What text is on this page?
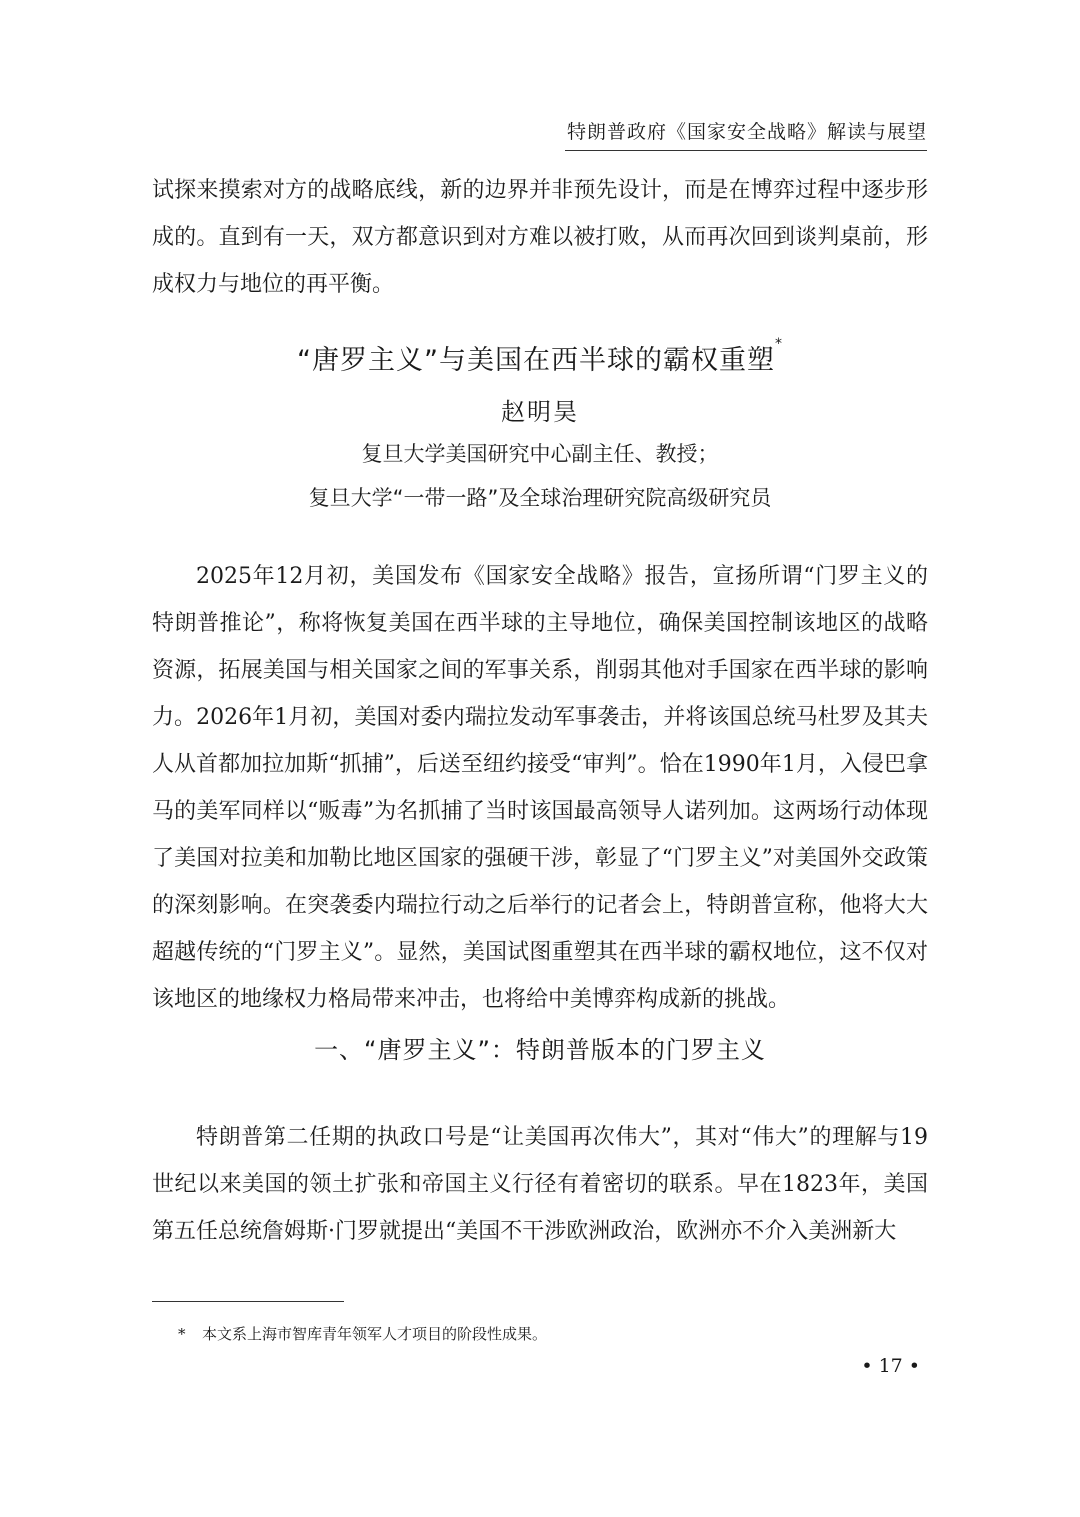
特朗普政府《国家安全战略》解读与展望

试探来摸索对方的战略底线，新的边界并非预先设计，而是在博弈过程中逐步形成的。直到有一天，双方都意识到对方难以被打败，从而再次回到谈判桌前，形成权力与地位的再平衡。

“唐罗主义”与美国在西半球的霸权重塑*
赵明昊
复旦大学美国研究中心副主任、教授；
复旦大学“一带一路”及全球治理研究院高级研究员

2025年12月初，美国发布《国家安全战略》报告，宣扬所谓“门罗主义的特朗普推论”，称将恢复美国在西半球的主导地位，确保美国控制该地区的战略资源，拓展美国与相关国家之间的军事关系，削弱其他对手国家在西半球的影响力。2026年1月初，美国对委内瑞拉发动军事袭击，并将该国总统马杜罗及其夫人从首都加拉加斯“抓捕”，后送至纽约接受“审判”。恰在1990年1月，入侵巴拿马的美军同样以“贩毒”为名抓捕了当时该国最高领导人诺列加。这两场行动体现了美国对拉美和加勒比地区国家的强硬干涉，彰显了“门罗主义”对美国外交政策的深刻影响。在突袭委内瑞拉行动之后举行的记者会上，特朗普宣称，他将大大超越传统的“门罗主义”。显然，美国试图重塑其在西半球的霸权地位，这不仅对该地区的地缘权力格局带来冲击，也将给中美博弈构成新的挑战。

一、“唐罗主义”：特朗普版本的门罗主义

特朗普第二任期的执政口号是“让美国再次伟大”，其对“伟大”的理解与19世纪以来美国的领土扩张和帝国主义行径有着密切的联系。早在1823年，美国第五任总统詹姆斯·门罗就提出“美国不干涉欧洲政治，欧洲亦不介入美洲新大

* 本文系上海市智库青年领军人才项目的阶段性成果。
• 17 •
